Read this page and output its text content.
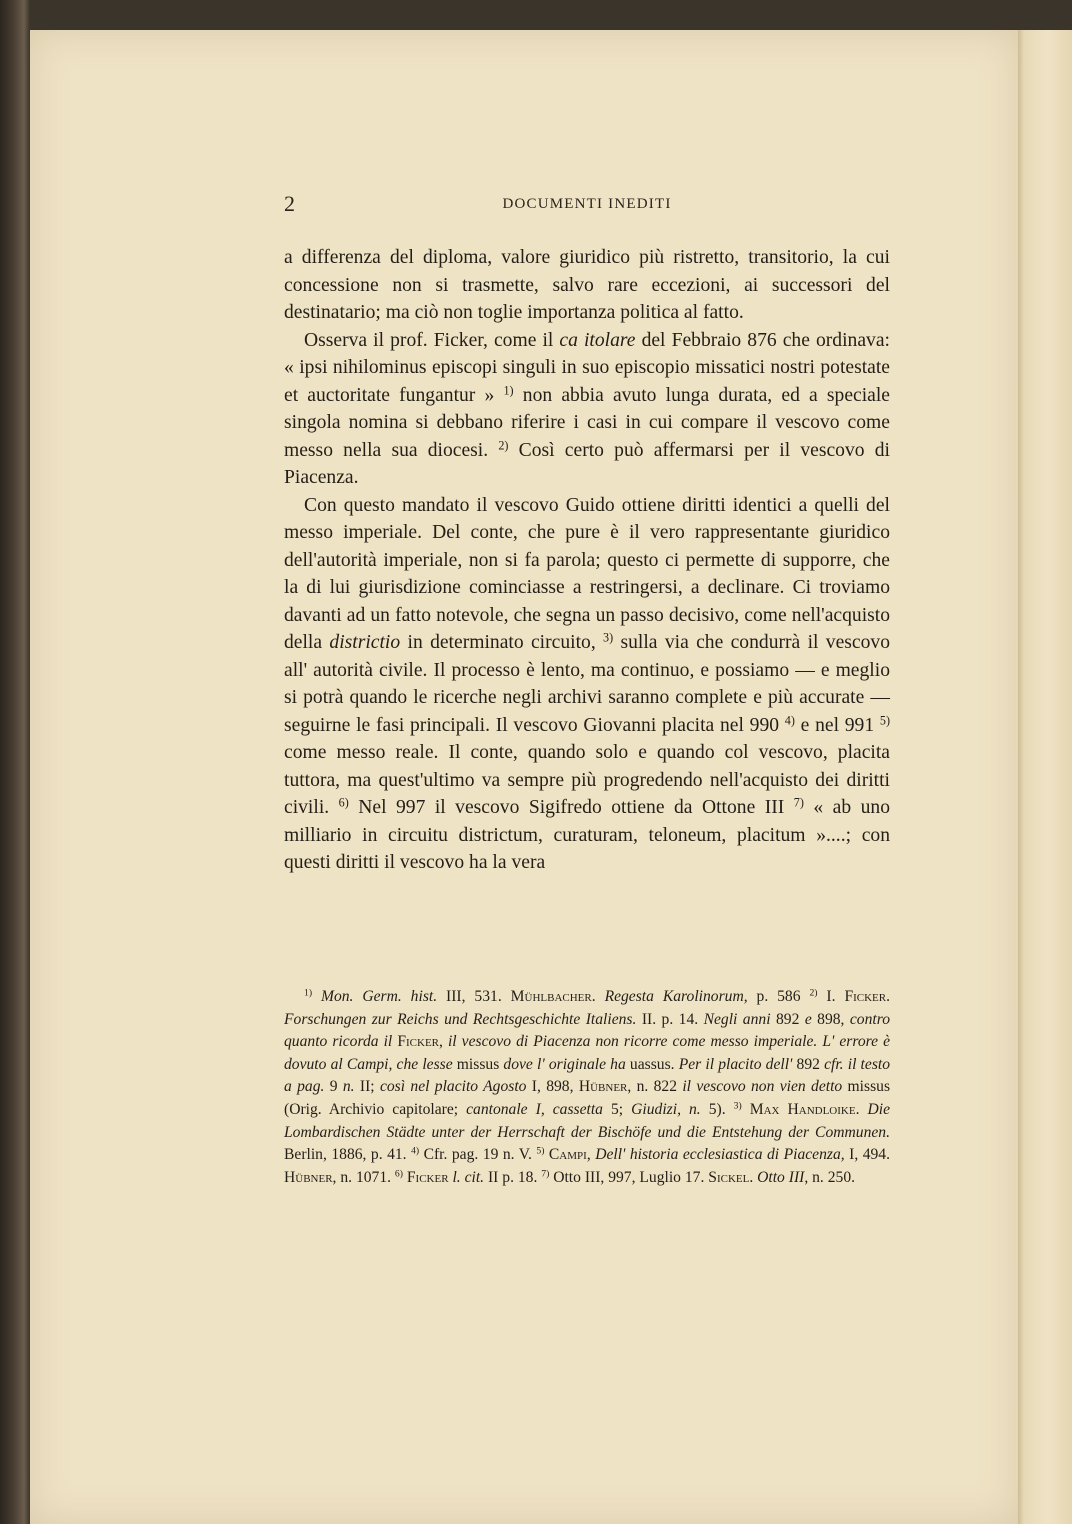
2	DOCUMENTI INEDITI

a differenza del diploma, valore giuridico più ristretto, transitorio, la cui concessione non si trasmette, salvo rare eccezioni, ai successori del destinatario; ma ciò non toglie importanza politica al fatto.

Osserva il prof. Ficker, come il ca itolare del Febbraio 876 che ordinava: « ipsi nihilominus episcopi singuli in suo episcopio missatici nostri potestate et auctoritate fungantur » $^{1)}$ non abbia avuto lunga durata, ed a speciale singola nomina si debbano riferire i casi in cui compare il vescovo come messo nella sua diocesi. $^{2)}$ Così certo può affermarsi per il vescovo di Piacenza.

Con questo mandato il vescovo Guido ottiene diritti identici a quelli del messo imperiale. Del conte, che pure è il vero rappresentante giuridico dell'autorità imperiale, non si fa parola; questo ci permette di supporre, che la di lui giurisdizione cominciasse a restringersi, a declinare. Ci troviamo davanti ad un fatto notevole, che segna un passo decisivo, come nell'acquisto della districtio in determinato circuito, $^{3)}$ sulla via che condurrà il vescovo all' autorità civile. Il processo è lento, ma continuo, e possiamo — e meglio si potrà quando le ricerche negli archivi saranno complete e più accurate — seguirne le fasi principali. Il vescovo Giovanni placita nel 990 $^{4)}$ e nel 991 $^{5)}$ come messo reale. Il conte, quando solo e quando col vescovo, placita tuttora, ma quest'ultimo va sempre più progredendo nell'acquisto dei diritti civili. $^{6)}$ Nel 997 il vescovo Sigifredo ottiene da Ottone III $^{7)}$ « ab uno milliario in circuitu districtum, curaturam, teloneum, placitum »....; con questi diritti il vescovo ha la vera

$^{1)}$ Mon. Germ. hist. III, 531. Mühlbacher. Regesta Karolinorum, p. 586 $^{2)}$ I. Ficker. Forschungen zur Reichs und Rechtsgeschichte Italiens. II. p. 14. Negli anni 892 e 898, contro quanto ricorda il Ficker, il vescovo di Piacenza non ricorre come messo imperiale. L' errore è dovuto al Campi, che lesse missus dove l' originale ha uassus. Per il placito dell' 892 cfr. il testo a pag. 9 n. II; così nel placito Agosto I, 898, Hübner, n. 822 il vescovo non vien detto missus (Orig. Archivio capitolare; cantonale I, cassetta 5; Giudizi, n. 5). $^{3)}$ Max Handloike. Die Lombardischen Städte unter der Herrschaft der Bischöfe und die Entstehung der Communen. Berlin, 1886, p. 41. $^{4)}$ Cfr. pag. 19 n. V. $^{5)}$ Campi, Dell' historia ecclesiastica di Piacenza, I, 494. Hübner, n. 1071. $^{6)}$ Ficker l. cit. II p. 18. $^{7)}$ Otto III, 997, Luglio 17. Sickel. Otto III, n. 250.
